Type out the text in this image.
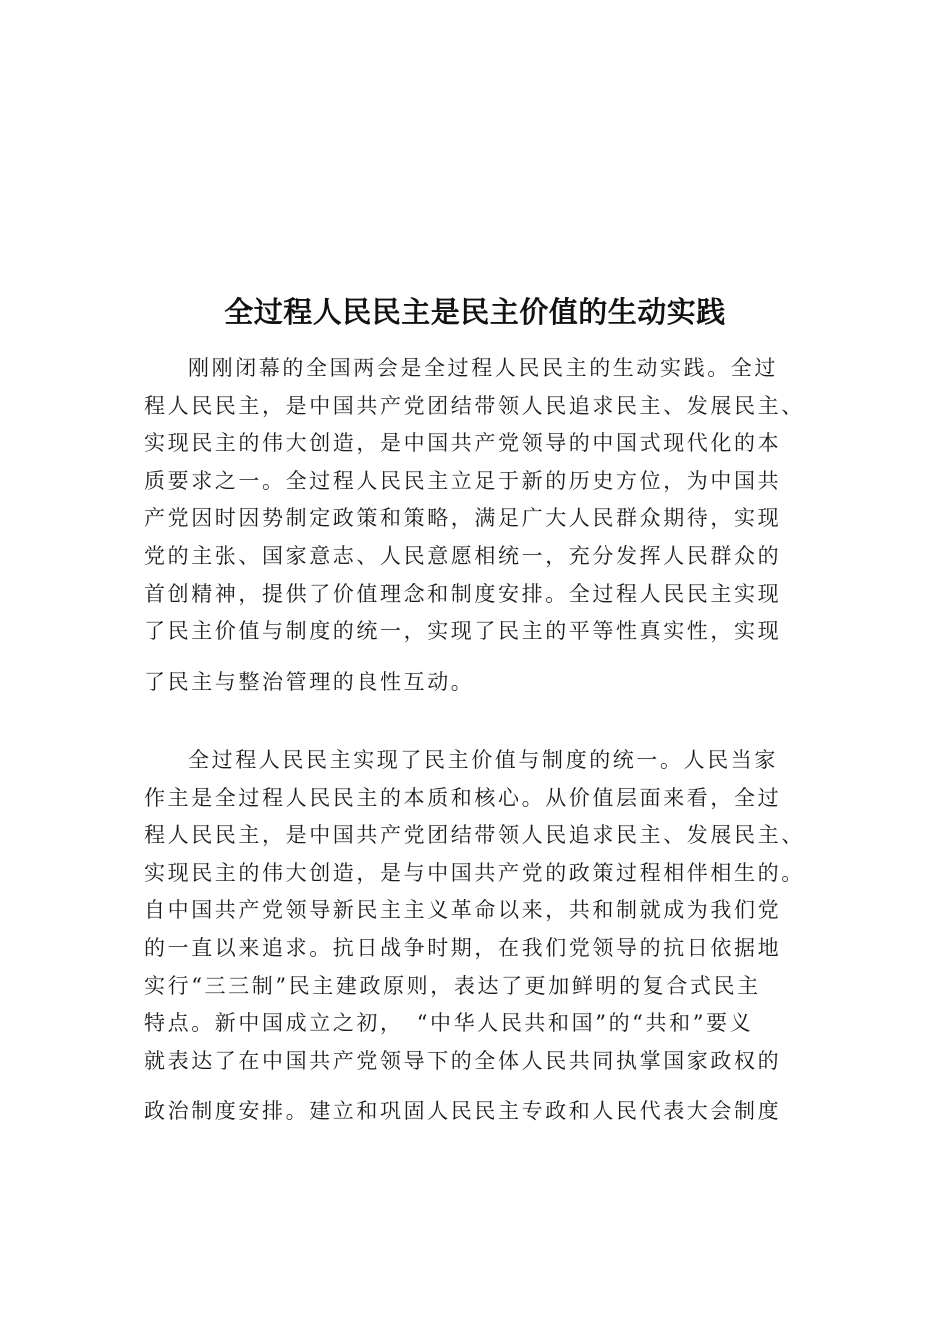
全过程人民民主是民主价值的生动实践
刚刚闭幕的全国两会是全过程人民民主的生动实践。全过
程人民民主，是中国共产党团结带领人民追求民主、发展民主、
实现民主的伟大创造，是中国共产党领导的中国式现代化的本
质要求之一。全过程人民民主立足于新的历史方位，为中国共
产党因时因势制定政策和策略，满足广大人民群众期待，实现
党的主张、国家意志、人民意愿相统一，充分发挥人民群众的
首创精神，提供了价值理念和制度安排。全过程人民民主实现
了民主价值与制度的统一，实现了民主的平等性真实性，实现
了民主与整治管理的良性互动。
全过程人民民主实现了民主价值与制度的统一。人民当家
作主是全过程人民民主的本质和核心。从价值层面来看，全过
程人民民主，是中国共产党团结带领人民追求民主、发展民主、
实现民主的伟大创造，是与中国共产党的政策过程相伴相生的。
自中国共产党领导新民主主义革命以来，共和制就成为我们党
的一直以来追求。抗日战争时期，在我们党领导的抗日依据地
实行“三三制”民主建政原则，表达了更加鲜明的复合式民主
特点。新中国成立之初，　“中华人民共和国”的“共和”要义
就表达了在中国共产党领导下的全体人民共同执掌国家政权的
政治制度安排。建立和巩固人民民主专政和人民代表大会制度
